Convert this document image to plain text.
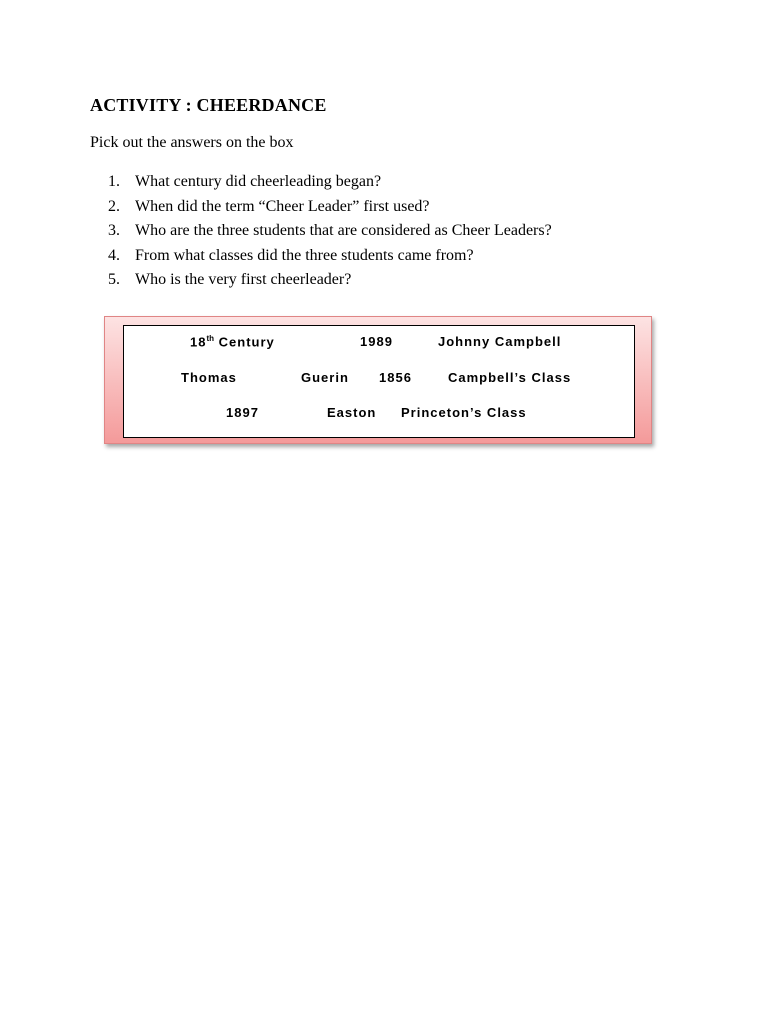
ACTIVITY : CHEERDANCE
Pick out the answers on the box
1. What century did cheerleading began?
2. When did the term “Cheer Leader” first used?
3. Who are the three students that are considered as Cheer Leaders?
4. From what classes did the three students came from?
5. Who is the very first cheerleader?
18th Century	1989	Johnny Campbell
Thomas	Guerin 1856	Campbell’s Class
1897	Easton Princeton’s Class
